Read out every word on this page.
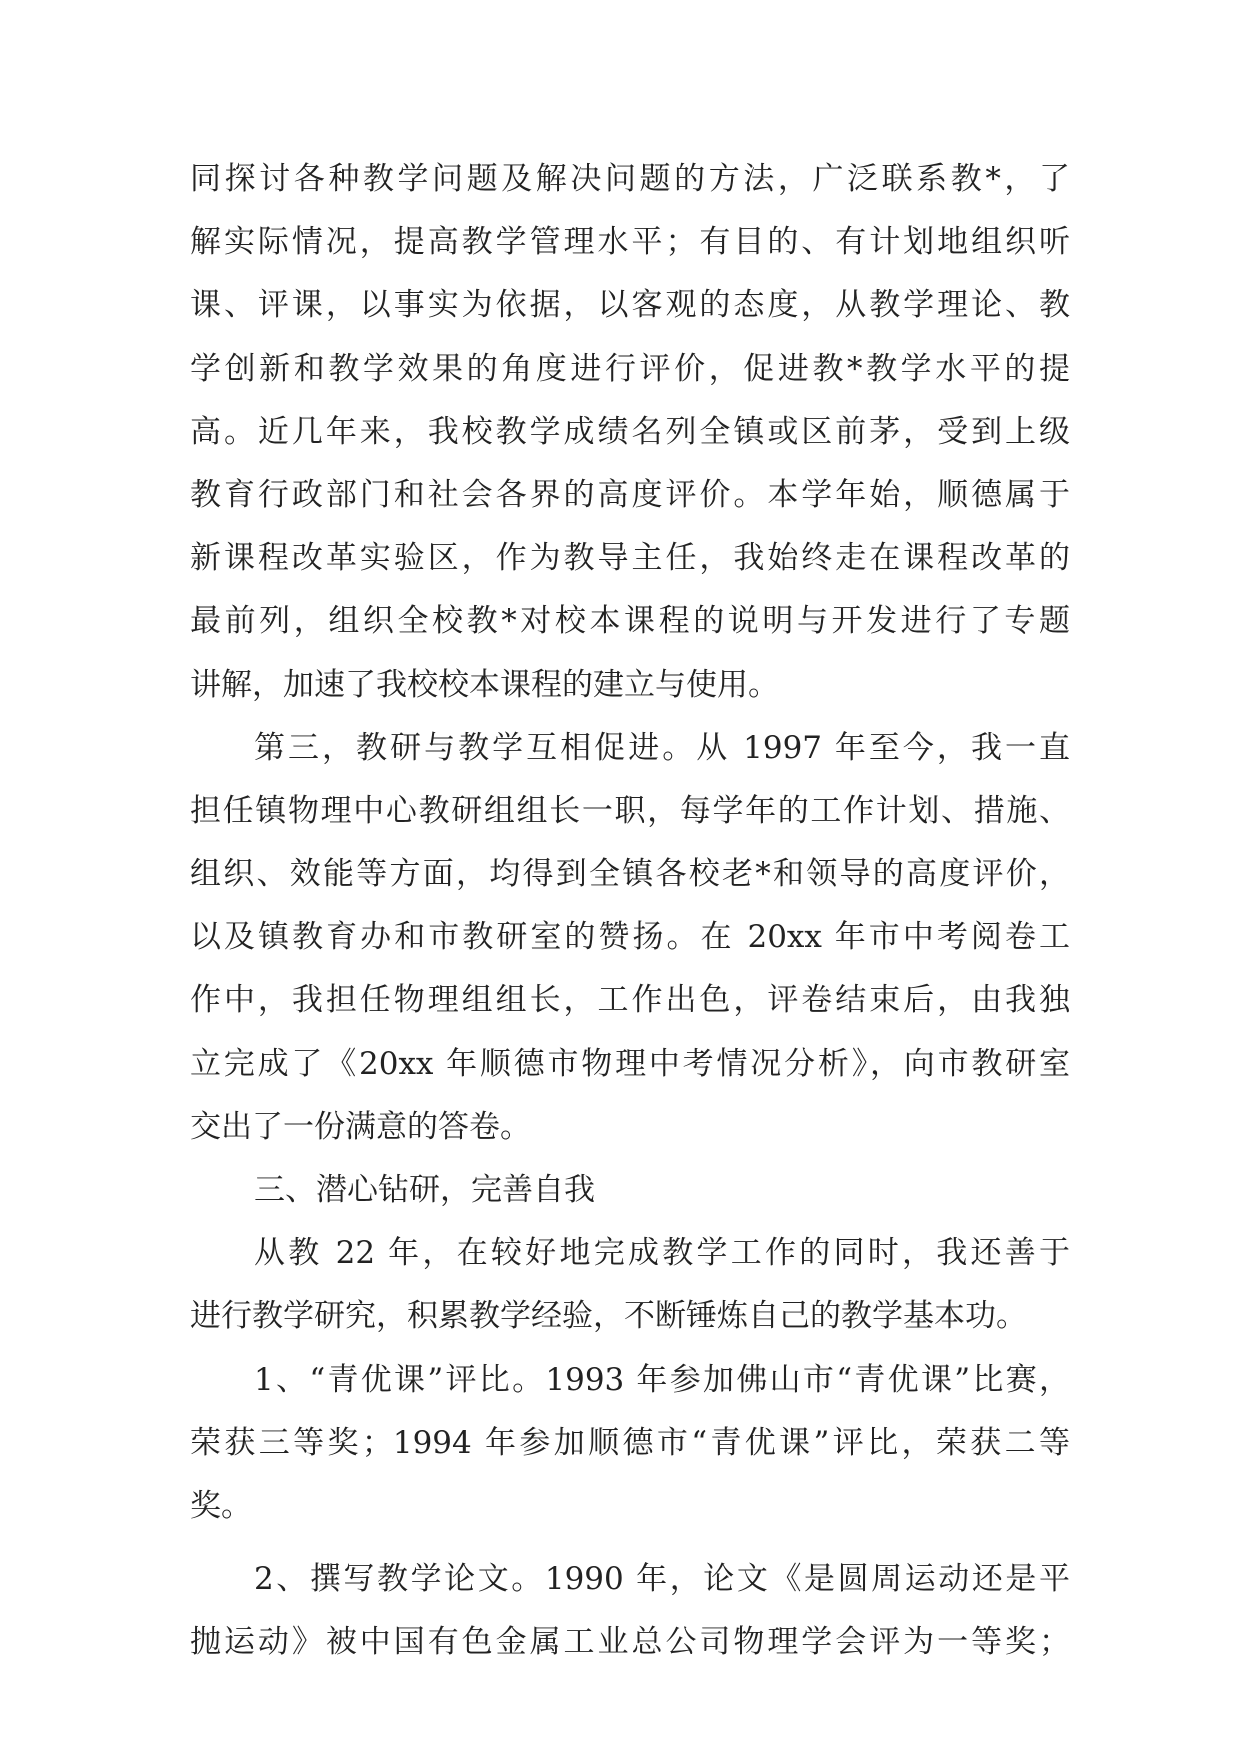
同探讨各种教学问题及解决问题的方法，广泛联系教*，了
解实际情况，提高教学管理水平；有目的、有计划地组织听
课、评课，以事实为依据，以客观的态度，从教学理论、教
学创新和教学效果的角度进行评价，促进教*教学水平的提
高。近几年来，我校教学成绩名列全镇或区前茅，受到上级
教育行政部门和社会各界的高度评价。本学年始，顺德属于
新课程改革实验区，作为教导主任，我始终走在课程改革的
最前列，组织全校教*对校本课程的说明与开发进行了专题
讲解，加速了我校校本课程的建立与使用。
第三，教研与教学互相促进。从 1997 年至今，我一直
担任镇物理中心教研组组长一职，每学年的工作计划、措施、
组织、效能等方面，均得到全镇各校老*和领导的高度评价，
以及镇教育办和市教研室的赞扬。在 20xx 年市中考阅卷工
作中，我担任物理组组长，工作出色，评卷结束后，由我独
立完成了《20xx 年顺德市物理中考情况分析》，向市教研室
交出了一份满意的答卷。
三、潜心钻研，完善自我
从教 22 年，在较好地完成教学工作的同时，我还善于
进行教学研究，积累教学经验，不断锤炼自己的教学基本功。
1、“青优课”评比。1993 年参加佛山市“青优课”比赛，
荣获三等奖；1994 年参加顺德市“青优课”评比，荣获二等
奖。
2、撰写教学论文。1990 年，论文《是圆周运动还是平
抛运动》被中国有色金属工业总公司物理学会评为一等奖；
